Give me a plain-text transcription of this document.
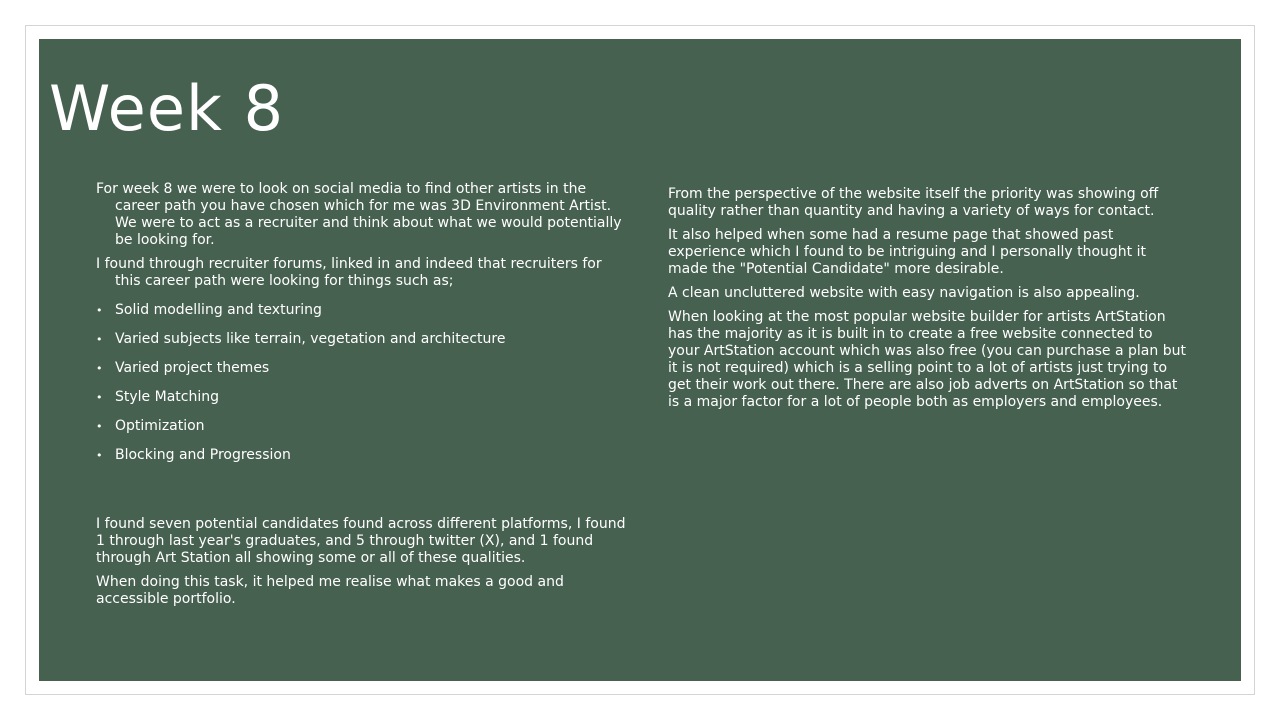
Week 8

For week 8 we were to look on social media to find other artists in the career path you have chosen which for me was 3D Environment Artist. We were to act as a recruiter and think about what we would potentially be looking for.

I found through recruiter forums, linked in and indeed that recruiters for this career path were looking for things such as;

• Solid modelling and texturing
• Varied subjects like terrain, vegetation and architecture
• Varied project themes
• Style Matching
• Optimization
• Blocking and Progression

I found seven potential candidates found across different platforms, I found 1 through last year's graduates, and 5 through twitter (X), and 1 found through Art Station all showing some or all of these qualities.

When doing this task, it helped me realise what makes a good and accessible portfolio.

From the perspective of the website itself the priority was showing off quality rather than quantity and having a variety of ways for contact.

It also helped when some had a resume page that showed past experience which I found to be intriguing and I personally thought it made the "Potential Candidate" more desirable.

A clean uncluttered website with easy navigation is also appealing.

When looking at the most popular website builder for artists ArtStation has the majority as it is built in to create a free website connected to your ArtStation account which was also free (you can purchase a plan but it is not required) which is a selling point to a lot of artists just trying to get their work out there. There are also job adverts on ArtStation so that is a major factor for a lot of people both as employers and employees.
